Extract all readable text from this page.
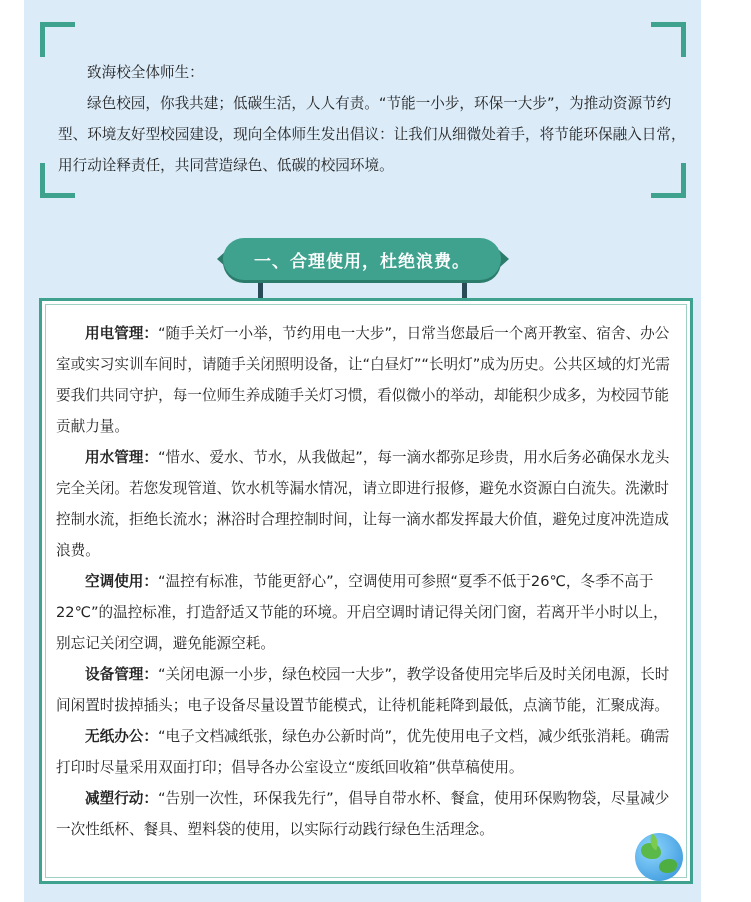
致海校全体师生：

绿色校园，你我共建；低碳生活，人人有责。“节能一小步，环保一大步”，为推动资源节约型、环境友好型校园建设，现向全体师生发出倡议：让我们从细微处着手，将节能环保融入日常，用行动诠释责任，共同营造绿色、低碳的校园环境。

一、合理使用，杜绝浪费。

用电管理：“随手关灯一小举，节约用电一大步”，日常当您最后一个离开教室、宿舍、办公室或实习实训车间时，请随手关闭照明设备，让“白昼灯”“长明灯”成为历史。公共区域的灯光需要我们共同守护，每一位师生养成随手关灯习惯，看似微小的举动，却能积少成多，为校园节能贡献力量。

用水管理：“惜水、爱水、节水，从我做起”，每一滴水都弥足珍贵，用水后务必确保水龙头完全关闭。若您发现管道、饮水机等漏水情况，请立即进行报修，避免水资源白白流失。洗漱时控制水流，拒绝长流水；淋浴时合理控制时间，让每一滴水都发挥最大价值，避免过度冲洗造成浪费。

空调使用：“温控有标准，节能更舒心”，空调使用可参照“夏季不低于26℃，冬季不高于22℃”的温控标准，打造舒适又节能的环境。开启空调时请记得关闭门窗，若离开半小时以上，别忘记关闭空调，避免能源空耗。

设备管理：“关闭电源一小步，绿色校园一大步”，教学设备使用完毕后及时关闭电源，长时间闲置时拔掉插头；电子设备尽量设置节能模式，让待机能耗降到最低，点滴节能，汇聚成海。

无纸办公：“电子文档减纸张，绿色办公新时尚”，优先使用电子文档，减少纸张消耗。确需打印时尽量采用双面打印；倡导各办公室设立“废纸回收箱”供草稿使用。

减塑行动：“告别一次性，环保我先行”，倡导自带水杯、餐盒，使用环保购物袋，尽量减少一次性纸杯、餐具、塑料袋的使用，以实际行动践行绿色生活理念。
